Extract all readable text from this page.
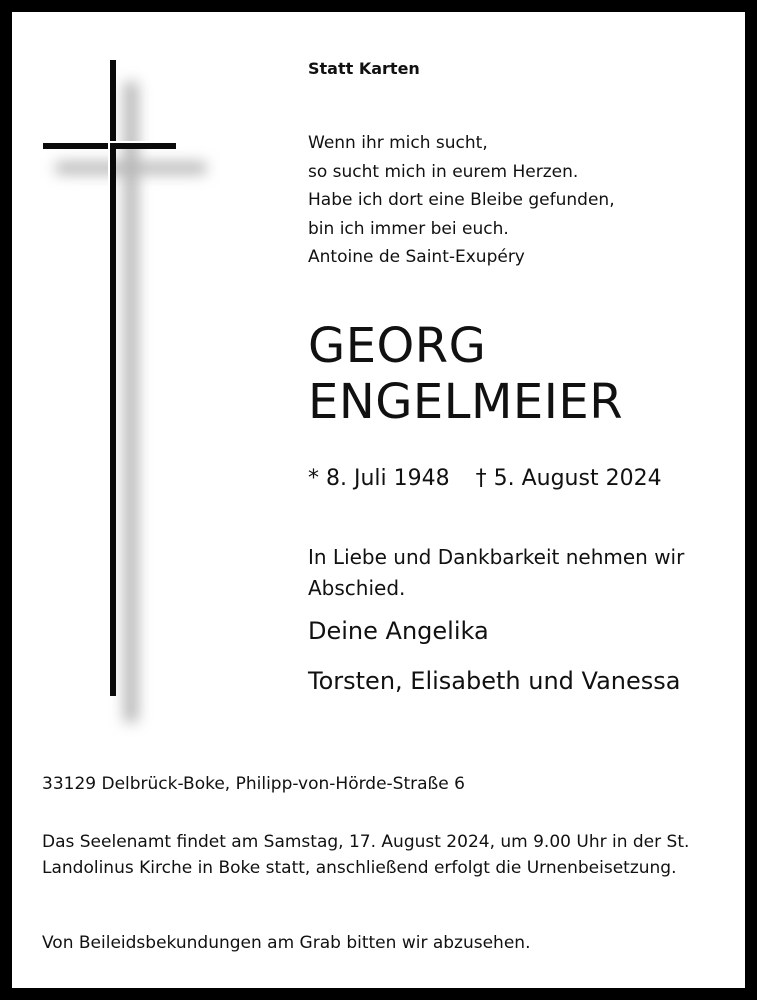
Statt Karten
Wenn ihr mich sucht,
so sucht mich in eurem Herzen.
Habe ich dort eine Bleibe gefunden,
bin ich immer bei euch.
Antoine de Saint-Exupéry
GEORG
ENGELMEIER
* 8. Juli 1948 † 5. August 2024
In Liebe und Dankbarkeit nehmen wir Abschied.
Deine Angelika
Torsten, Elisabeth und Vanessa
33129 Delbrück-Boke, Philipp-von-Hörde-Straße 6
Das Seelenamt findet am Samstag, 17. August 2024, um 9.00 Uhr in der St. Landolinus Kirche in Boke statt, anschließend erfolgt die Urnenbeisetzung.
Von Beileidsbekundungen am Grab bitten wir abzusehen.
